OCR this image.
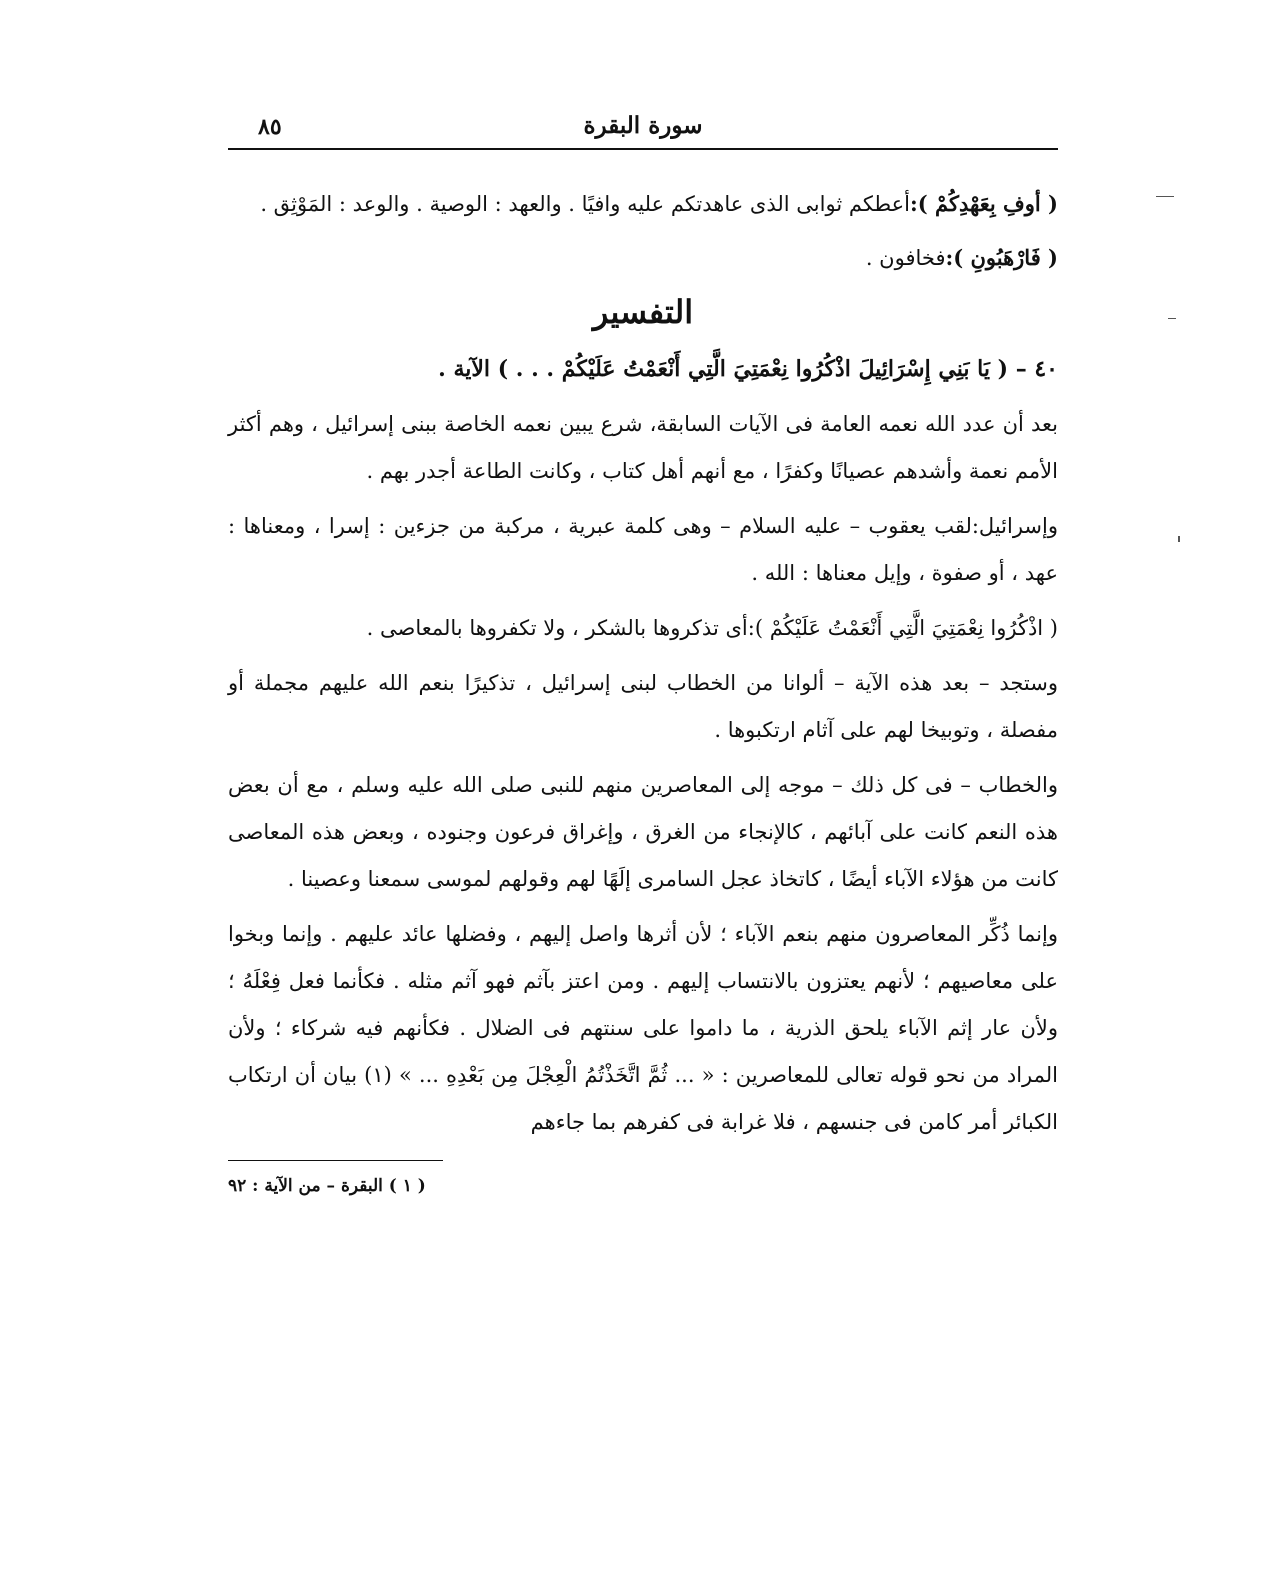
سورة البقرة
٨٥

( أوفِ بِعَهْدِكُمْ ):أعطكم ثوابى الذى عاهدتكم عليه وافيًا . والعهد : الوصية . والوعد : المَوْثِق .

( فَارْهَبُونِ ):فخافون .

التفسير

٤٠ – ( يَا بَنِي إِسْرَائِيلَ اذْكُرُوا نِعْمَتِيَ الَّتِي أَنْعَمْتُ عَلَيْكُمْ . . . ) الآية .

بعد أن عدد الله نعمه العامة فى الآيات السابقة، شرع يبين نعمه الخاصة ببنى إسرائيل ، وهم أكثر الأمم نعمة وأشدهم عصيانًا وكفرًا ، مع أنهم أهل كتاب ، وكانت الطاعة أجدر بهم .

وإسرائيل:لقب يعقوب – عليه السلام – وهى كلمة عبرية ، مركبة من جزءين : إسرا ، ومعناها : عهد ، أو صفوة ، وإيل معناها : الله .

( اذْكُرُوا نِعْمَتِيَ الَّتِي أَنْعَمْتُ عَلَيْكُمْ ):أى تذكروها بالشكر ، ولا تكفروها بالمعاصى .

وستجد – بعد هذه الآية – ألوانا من الخطاب لبنى إسرائيل ، تذكيرًا بنعم الله عليهم مجملة أو مفصلة ، وتوبيخا لهم على آثام ارتكبوها .

والخطاب – فى كل ذلك – موجه إلى المعاصرين منهم للنبى صلى الله عليه وسلم ، مع أن بعض هذه النعم كانت على آبائهم ، كالإنجاء من الغرق ، وإغراق فرعون وجنوده ، وبعض هذه المعاصى كانت من هؤلاء الآباء أيضًا ، كاتخاذ عجل السامرى إلَهًا لهم وقولهم لموسى سمعنا وعصينا .

وإنما ذُكِّر المعاصرون منهم بنعم الآباء ؛ لأن أثرها واصل إليهم ، وفضلها عائد عليهم . وإنما وبخوا على معاصيهم ؛ لأنهم يعتزون بالانتساب إليهم . ومن اعتز بآثم فهو آثم مثله . فكأنما فعل فِعْلَهُ ؛ ولأن عار إثم الآباء يلحق الذرية ، ما داموا على سنتهم فى الضلال . فكأنهم فيه شركاء ؛ ولأن المراد من نحو قوله تعالى للمعاصرين : « ... ثُمَّ اتَّخَذْتُمُ الْعِجْلَ مِن بَعْدِهِ ... » (١) بيان أن ارتكاب الكبائر أمر كامن فى جنسهم ، فلا غرابة فى كفرهم بما جاءهم

( ١ ) البقرة – من الآية : ٩٢
